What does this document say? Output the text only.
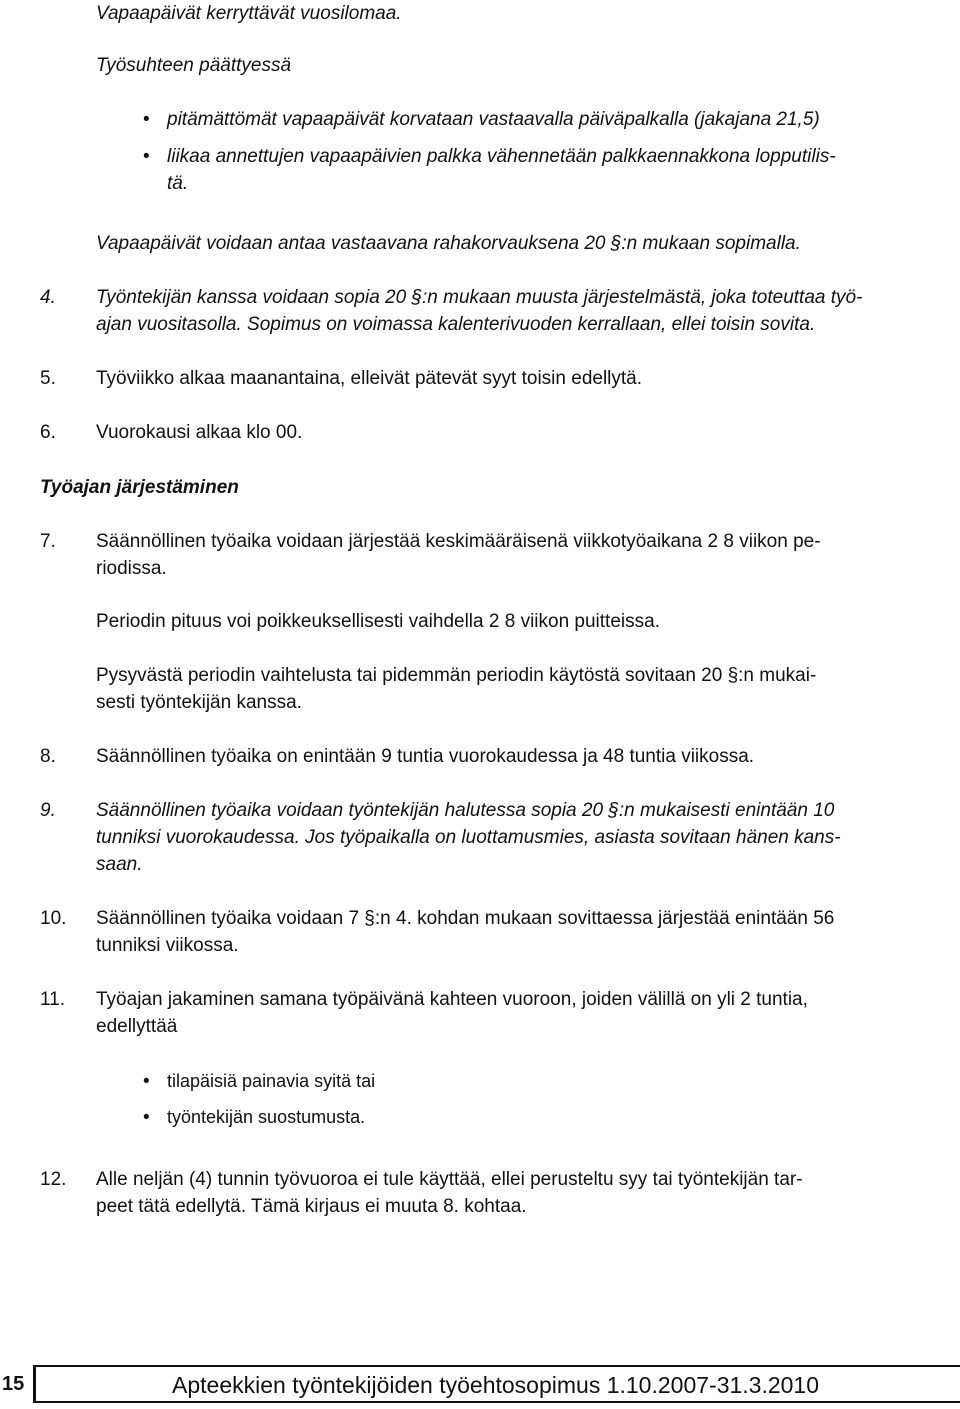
Vapaapäivät kerryttävät vuosilomaa.

Työsuhteen päättyessä

• pitämättömät vapaapäivät korvataan vastaavalla päiväpalkalla (jakajana 21,5)

• liikaa annettujen vapaapäivien palkka vähennetään palkkaennakkona lopputilis-

tä.

Vapaapäivät voidaan antaa vastaavana rahakorvauksena 20 §:n mukaan sopimalla.

4. Työntekijän kanssa voidaan sopia 20 §:n mukaan muusta järjestelmästä, joka toteuttaa työ-

ajan vuositasolla. Sopimus on voimassa kalenterivuoden kerrallaan, ellei toisin sovita.

5. Työviikko alkaa maanantaina, elleivät pätevät syyt toisin edellytä.

6. Vuorokausi alkaa klo 00.

Työajan järjestäminen
7. Säännöllinen työaika voidaan järjestää keskimääräisenä viikkotyöaikana 2 8 viikon pe-

riodissa.

Periodin pituus voi poikkeuksellisesti vaihdella 2 8 viikon puitteissa.

Pysyvästä periodin vaihtelusta tai pidemmän periodin käytöstä sovitaan 20 §:n mukai-

sesti työntekijän kanssa.

8. Säännöllinen työaika on enintään 9 tuntia vuorokaudessa ja 48 tuntia viikossa.

9. Säännöllinen työaika voidaan työntekijän halutessa sopia 20 §:n mukaisesti enintään 10

tunniksi vuorokaudessa. Jos työpaikalla on luottamusmies, asiasta sovitaan hänen kans-

saan.

10. Säännöllinen työaika voidaan 7 §:n 4. kohdan mukaan sovittaessa järjestää enintään 56

tunniksi viikossa.

11. Työajan jakaminen samana työpäivänä kahteen vuoroon, joiden välillä on yli 2 tuntia,

edellyttää

• tilapäisiä painavia syitä tai

• työntekijän suostumusta.

12. Alle neljän (4) tunnin työvuoroa ei tule käyttää, ellei perusteltu syy tai työntekijän tar-

peet tätä edellytä. Tämä kirjaus ei muuta 8. kohtaa.

15	Apteekkien työntekijöiden työehtosopimus 1.10.2007-31.3.2010
